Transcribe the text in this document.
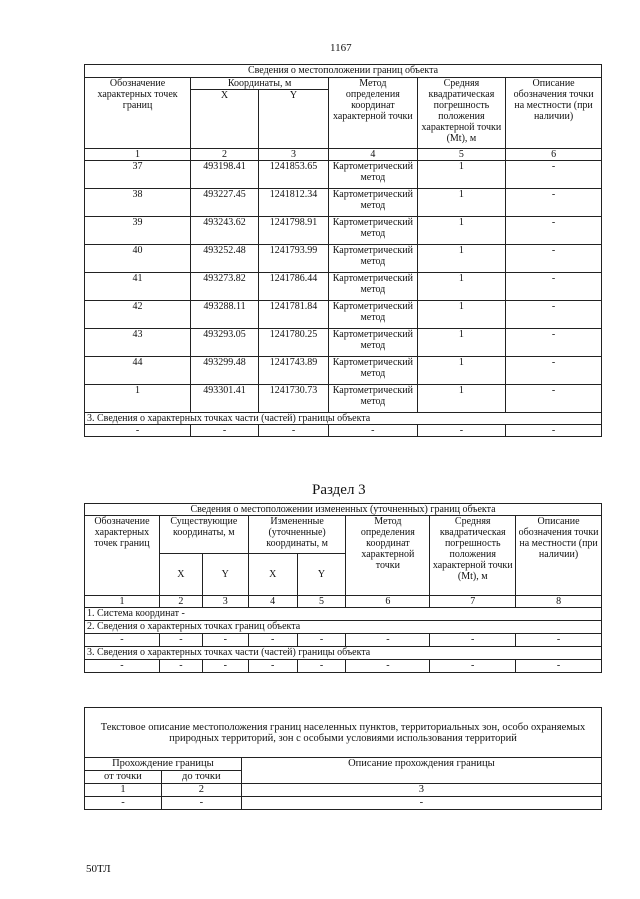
1167
Сведения о местоположении границ объекта					
Обозначение характерных точек границ	Координаты, м		Метод определения координат характерной точки	Средняя квадратическая погрешность положения характерной точки (Mt), м	Описание обозначения точки на местности (при наличии)
	X	Y			
1	2	3	4	5	6
37	493198.41	1241853.65	Картометрический метод	1	-
38	493227.45	1241812.34	Картометрический метод	1	-
39	493243.62	1241798.91	Картометрический метод	1	-
40	493252.48	1241793.99	Картометрический метод	1	-
41	493273.82	1241786.44	Картометрический метод	1	-
42	493288.11	1241781.84	Картометрический метод	1	-
43	493293.05	1241780.25	Картометрический метод	1	-
44	493299.48	1241743.89	Картометрический метод	1	-
1	493301.41	1241730.73	Картометрический метод	1	-
3. Сведения о характерных точках части (частей) границы объекта					
-	-	-	-	-	-
Раздел 3
Сведения о местоположении измененных (уточненных) границ объекта							
Обозначение характерных точек границ	Существующие координаты, м		Измененные (уточненные) координаты, м		Метод определения координат характерной точки	Средняя квадратическая погрешность положения характерной точки (Mt), м	Описание обозначения точки на местности (при наличии)
	X	Y	X	Y			
1	2	3	4	5	6	7	8
1. Система координат -							
2. Сведения о характерных точках границ объекта							
-	-	-	-	-	-	-	-
3. Сведения о характерных точках части (частей) границы объекта							
-	-	-	-	-	-	-	-
Текстовое описание местоположения границ населенных пунктов, территориальных зон, особо охраняемых природных территорий, зон с особыми условиями использования территорий		
Прохождение границы		Описание прохождения границы
от точки	до точки	
1	2	3
-	-	-
50ТЛ
